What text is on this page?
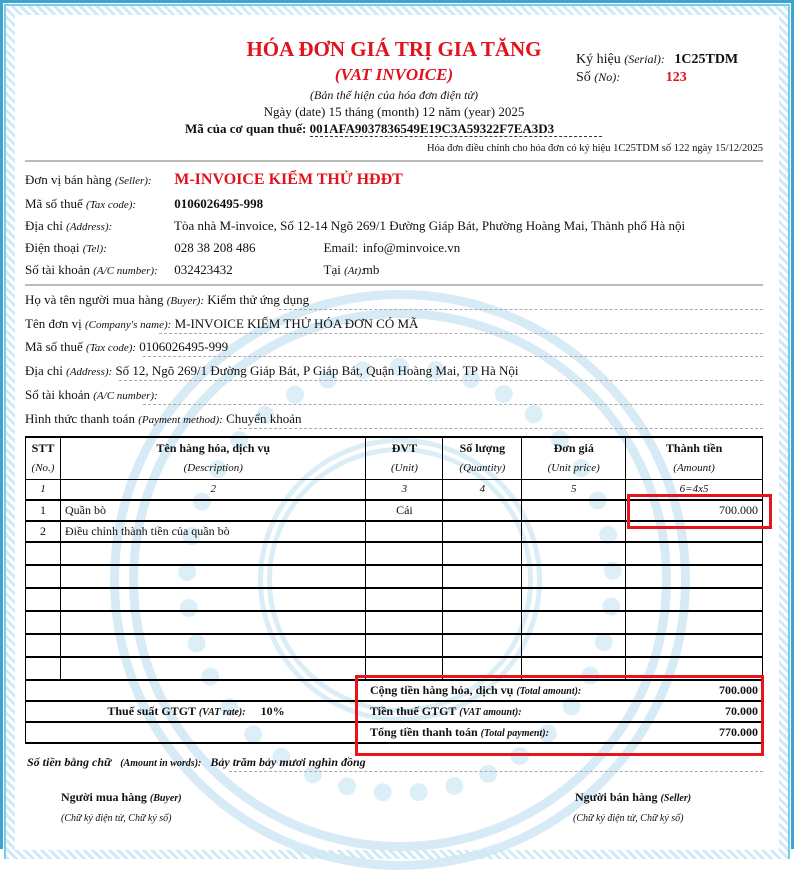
HÓA ĐƠN GIÁ TRỊ GIA TĂNG
(VAT INVOICE)
(Bản thể hiện của hóa đơn điện tử)
Ngày (date) 15 tháng (month) 12 năm (year) 2025
Mã của cơ quan thuế: 001AFA9037836549E19C3A59322F7EA3D3
Ký hiệu (Serial): 1C25TDM
Số (No):	123
Hóa đơn điều chỉnh cho hóa đơn có ký hiệu 1C25TDM số 122 ngày 15/12/2025
Đơn vị bán hàng (Seller): M-INVOICE KIỂM THỬ HĐĐT
Mã số thuế (Tax code):	0106026495-998
Địa chỉ (Address):	Tòa nhà M-invoice, Số 12-14 Ngõ 269/1 Đường Giáp Bát, Phường Hoàng Mai, Thành phố Hà nội
Điện thoại (Tel):	028 38 208 486	Email: info@minvoice.vn
Số tài khoản (A/C number): 032423432	Tại (At): mb
Họ và tên người mua hàng (Buyer): Kiểm thử ứng dụng
Tên đơn vị (Company's name): M-INVOICE KIỂM THỬ HÓA ĐƠN CÓ MÃ
Mã số thuế (Tax code): 0106026495-999
Địa chỉ (Address): Số 12, Ngõ 269/1 Đường Giáp Bát, P Giáp Bát, Quận Hoàng Mai, TP Hà Nội
Số tài khoản (A/C number):
Hình thức thanh toán (Payment method): Chuyển khoản
STT	Tên hàng hóa, dịch vụ	ĐVT	Số lượng	Đơn giá	Thành tiền
(No.)	(Description)	(Unit)	(Quantity)	(Unit price)	(Amount)
1	2	3	4	5	6=4x5
1	Quần bò	Cái			700.000
2	Điều chỉnh thành tiền của quần bò				

		Cộng tiền hàng hóa, dịch vụ (Total amount):			700.000
Thuế suất GTGT (VAT rate): 10%		Tiền thuế GTGT (VAT amount):			70.000
		Tổng tiền thanh toán (Total payment):			770.000
Số tiền bằng chữ (Amount in words): Bảy trăm bảy mươi nghìn đồng
Người mua hàng (Buyer)
(Chữ ký điện tử, Chữ ký số)
Người bán hàng (Seller)
(Chữ ký điện tử, Chữ ký số)
